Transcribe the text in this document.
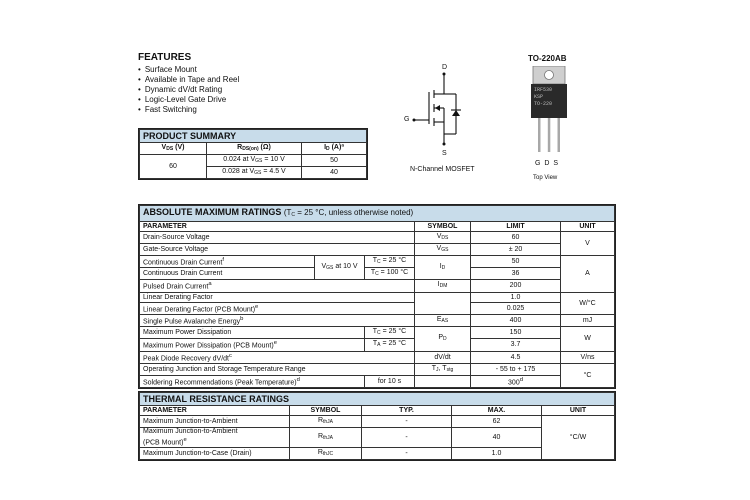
FEATURES
• Surface Mount
• Available in Tape and Reel
• Dynamic dV/dt Rating
• Logic-Level Gate Drive
• Fast Switching
D
G
S
N-Channel MOSFET
TO-220AB
IRF530
KSP
TO-220
G D S
Top View
PRODUCT SUMMARY		
$V_{DS}$ (V)	$R_{DS(on)}$ (Ω)	$I_D$ (A)ª
60	0.024 at $V_{GS} = 10$ V	50
	0.028 at $V_{GS} = 4.5$ V	40
ABSOLUTE MAXIMUM RATINGS ($T_C = 25$ °C, unless otherwise noted)					
PARAMETER			SYMBOL	LIMIT	UNIT
Drain-Source Voltage			$V_{DS}$	60	V
Gate-Source Voltage			$V_{GS}$	± 20	
Continuous Drain Current$^f$	$V_{GS}$ at 10 V	$T_C = 25$ °C	$I_D$	50	A
Continuous Drain Current		$T_C = 100$ °C		36	
Pulsed Drain Current$^a$			$I_{DM}$	200	
Linear Derating Factor				1.0	W/°C
Linear Derating Factor (PCB Mount)$^e$				0.025	
Single Pulse Avalanche Energy$^b$			$E_{AS}$	400	mJ
Maximum Power Dissipation		$T_C = 25$ °C	$P_D$	150	W
Maximum Power Dissipation (PCB Mount)$^e$		$T_A = 25$ °C		3.7	
Peak Diode Recovery $dV/dt^c$			dV/dt	4.5	V/ns
Operating Junction and Storage Temperature Range			$T_J$, $T_{stg}$	- 55 to + 175	°C
Soldering Recommendations (Peak Temperature)$^d$		for 10 s		300$^d$
THERMAL RESISTANCE RATINGS				
PARAMETER	SYMBOL	TYP.	MAX.	UNIT
Maximum Junction-to-Ambient	$R_{thJA}$	-	62	°C/W
Maximum Junction-to-Ambient
(PCB Mount)$^e$	$R_{thJA}$	-	40	
Maximum Junction-to-Case (Drain)	$R_{thJC}$	-	1.0	
